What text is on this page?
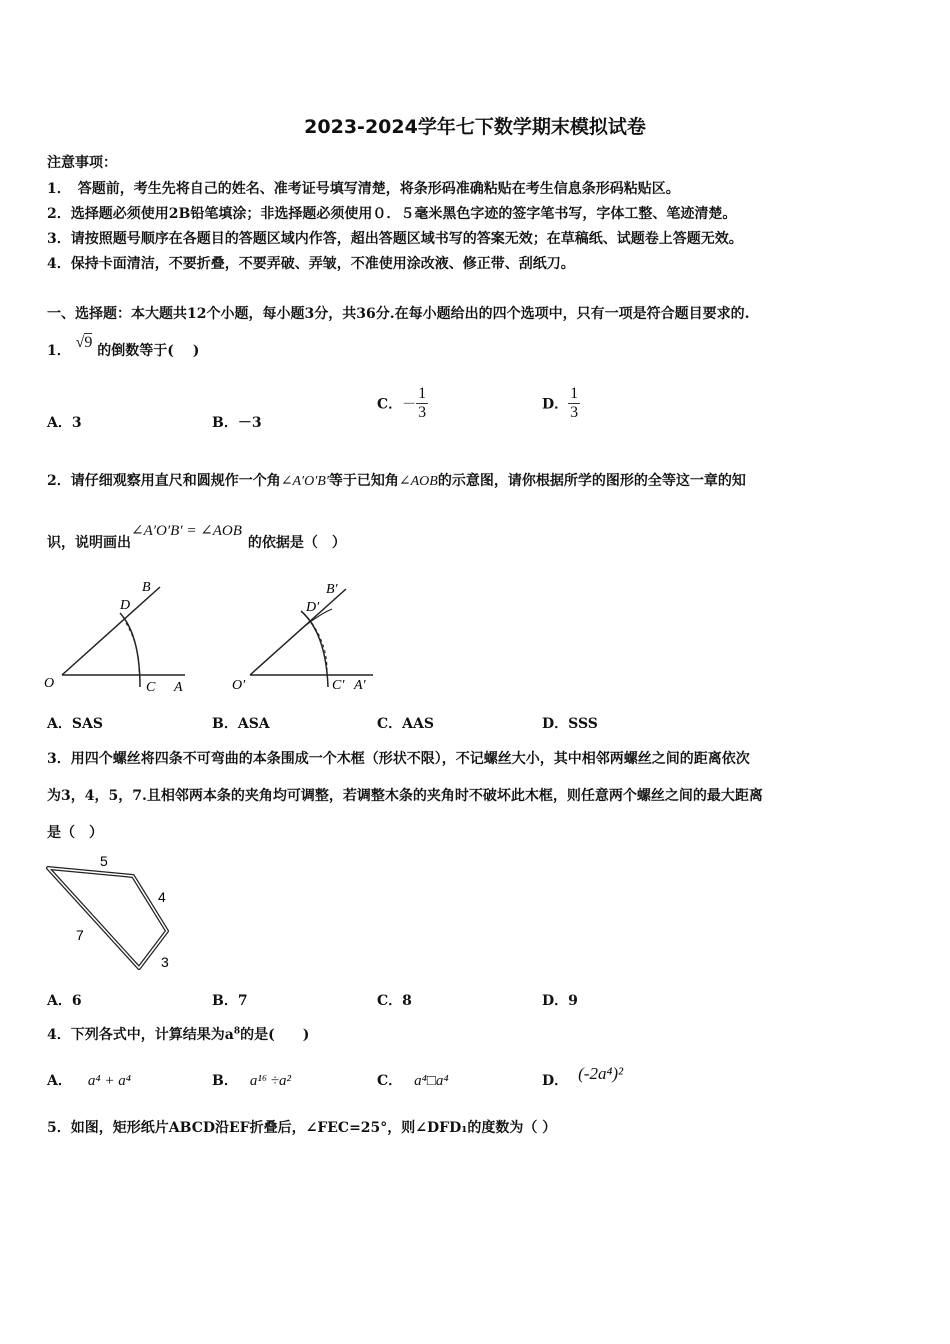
2023-2024学年七下数学期末模拟试卷
注意事项：
1．　答题前，考生先将自己的姓名、准考证号填写清楚，将条形码准确粘贴在考生信息条形码粘贴区。
2．选择题必须使用2B铅笔填涂；非选择题必须使用０．５毫米黑色字迹的签字笔书写，字体工整、笔迹清楚。
3．请按照题号顺序在各题目的答题区域内作答，超出答题区域书写的答案无效；在草稿纸、试题卷上答题无效。
4．保持卡面清洁，不要折叠，不要弄破、弄皱，不准使用涂改液、修正带、刮纸刀。
一、选择题：本大题共12个小题，每小题3分，共36分.在每小题给出的四个选项中，只有一项是符合题目要求的.
1． √9 的倒数等于(　 )
A．3	B．－3
C．－ $\frac{1}{3}$	D． $\frac{1}{3}$
2．请仔细观察用直尺和圆规作一个角∠A′O′B′等于已知角∠AOB的示意图，请你根据所学的图形的全等这一章的知
识，说明画出∠A′O′B′ = ∠AOB的依据是（　）
O	C A
D
B
O′	C′ A′
D′
B′
A．SAS	B．ASA	C．AAS	D．SSS
3．用四个螺丝将四条不可弯曲的本条围成一个木框（形状不限），不记螺丝大小，其中相邻两螺丝之间的距离依次
为3，4，5，7.且相邻两本条的夹角均可调整，若调整木条的夹角时不破坏此木框，则任意两个螺丝之间的最大距离
是（　）
5
4
7
3
A．6	B．7	C．8	D．9
4．下列各式中，计算结果为$a^8$的是(　　)
A． a⁴ + a⁴	B． a¹⁶ ÷a²	C． a⁴□a⁴	D． (-2a⁴)²
5．如图，矩形纸片ABCD沿EF折叠后，∠FEC=25°，则∠DFD₁的度数为（ ）
